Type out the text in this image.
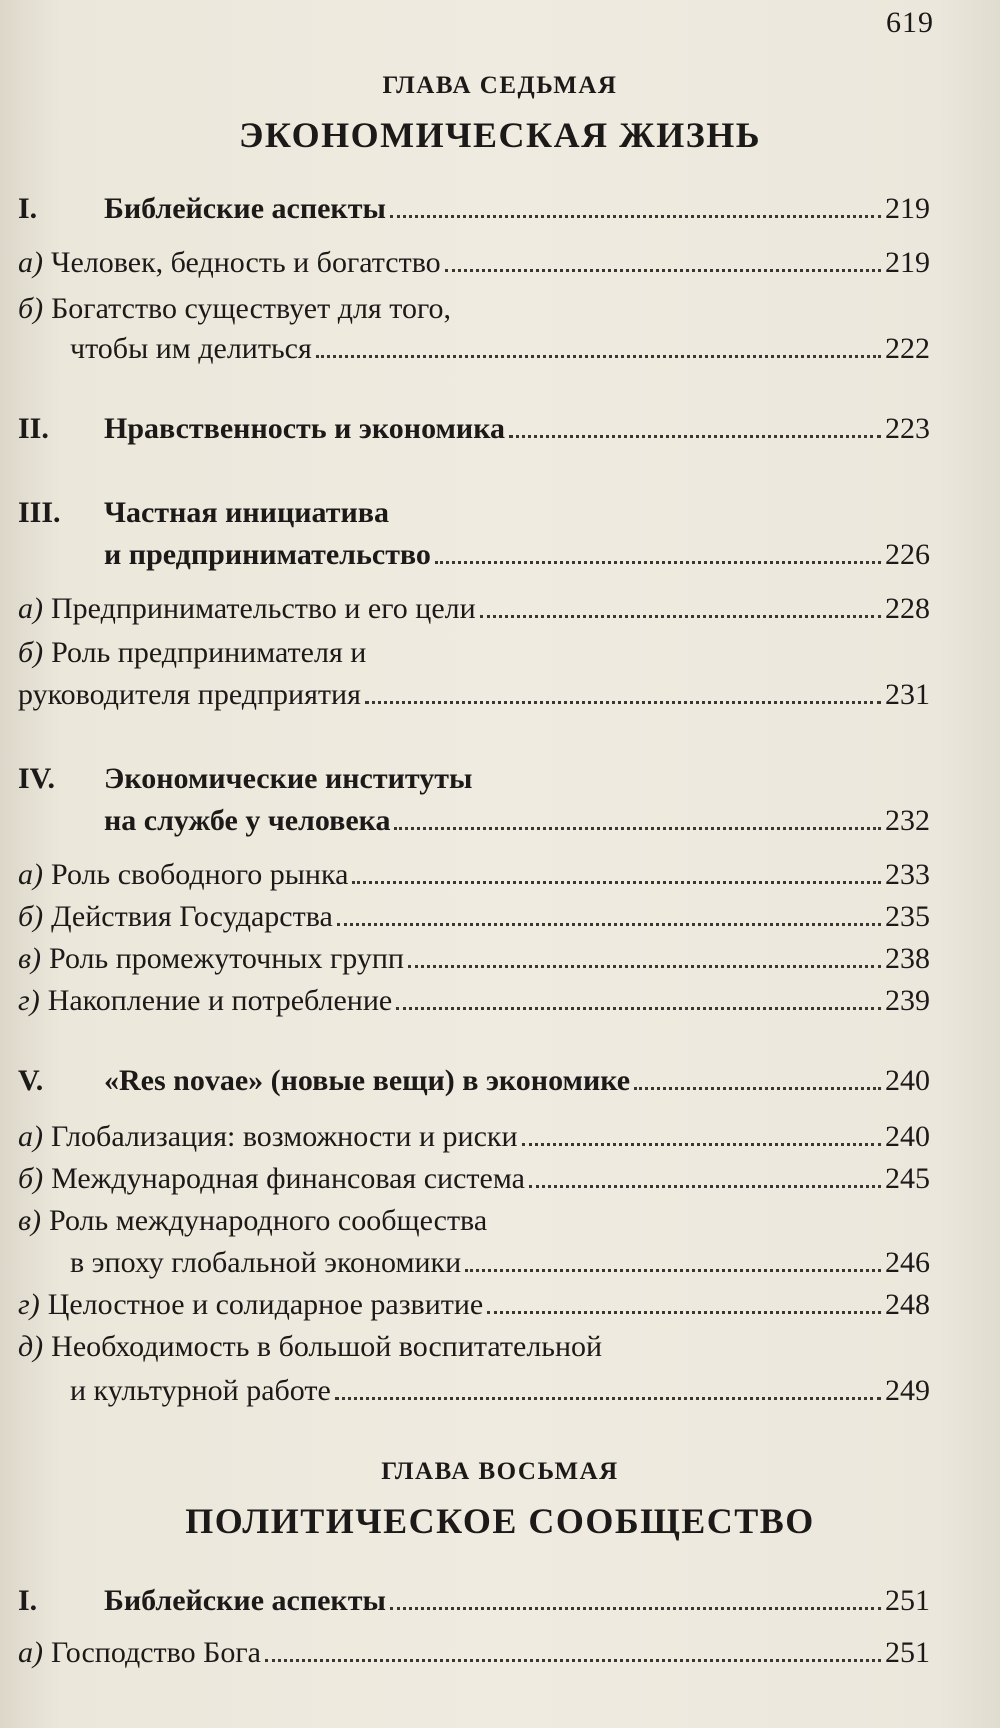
619
ГЛАВА СЕДЬМАЯ
ЭКОНОМИЧЕСКАЯ ЖИЗНЬ
I.	Библейские аспекты	219
а) Человек, бедность и богатство	219
б) Богатство существует для того,
чтобы им делиться	222
II.	Нравственность и экономика	223
III.	Частная инициатива
и предпринимательство	226
а) Предпринимательство и его цели	228
б) Роль предпринимателя и
руководителя предприятия	231
IV.	Экономические институты
на службе у человека	232
а) Роль свободного рынка	233
б) Действия Государства	235
в) Роль промежуточных групп	238
г) Накопление и потребление	239
V.	«Res novae» (новые вещи) в экономике	240
а) Глобализация: возможности и риски	240
б) Международная финансовая система	245
в) Роль международного сообщества
в эпоху глобальной экономики	246
г) Целостное и солидарное развитие	248
д) Необходимость в большой воспитательной
и культурной работе	249
ГЛАВА ВОСЬМАЯ
ПОЛИТИЧЕСКОЕ СООБЩЕСТВО
I.	Библейские аспекты	251
а) Господство Бога	251
